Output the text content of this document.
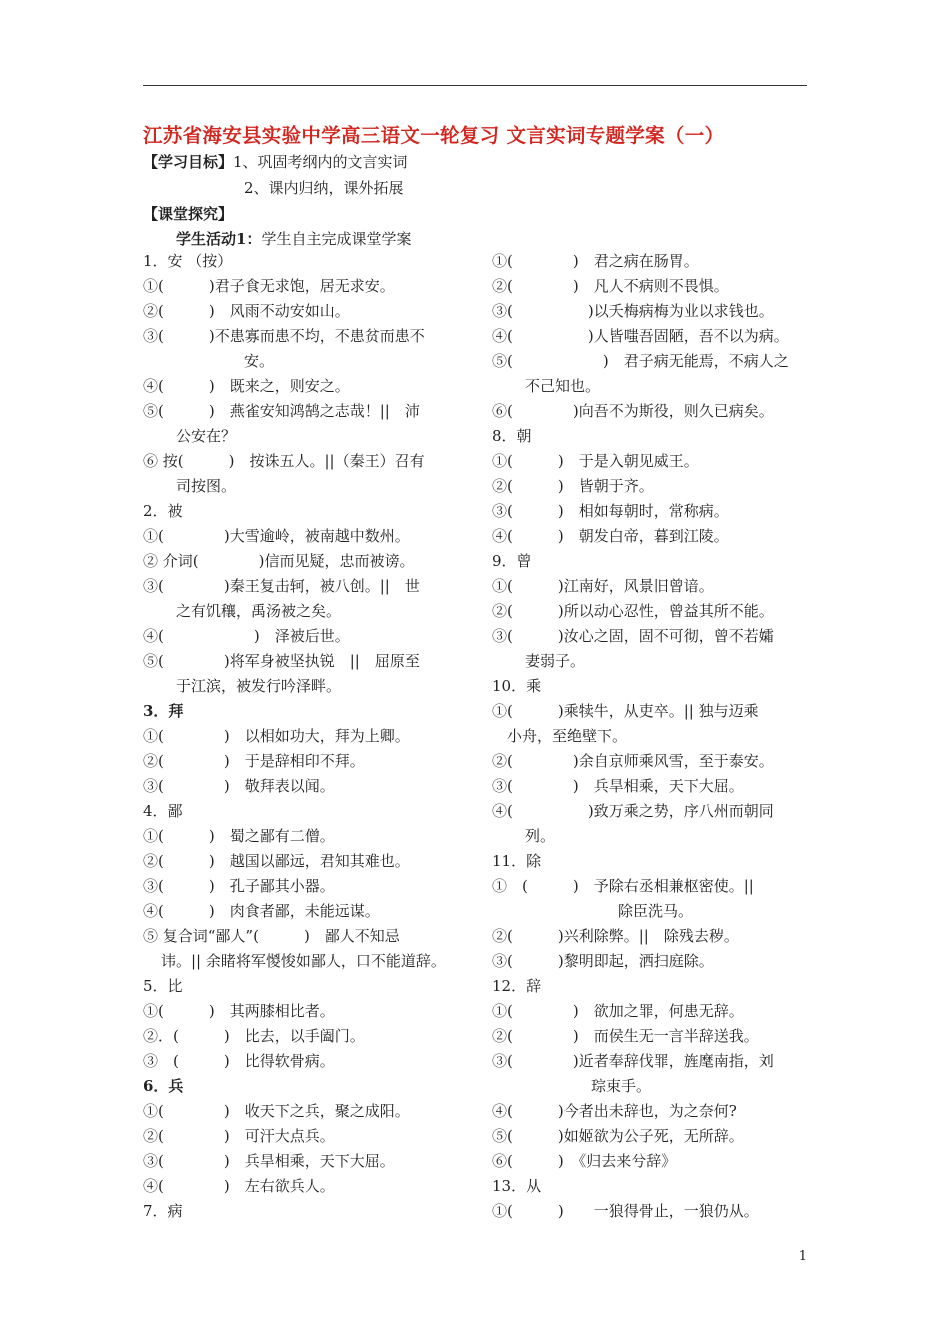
江苏省海安县实验中学高三语文一轮复习 文言实词专题学案（一）
【学习目标】1、巩固考纲内的文言实词
2、课内归纳，课外拓展
【课堂探究】
学生活动1：学生自主完成课堂学案
1．安 （按）
①(　　　)君子食无求饱，居无求安。
②(　　　)　风雨不动安如山。
③(　　　)不患寡而患不均，不患贫而患不
安。
④(　　　)　既来之，则安之。
⑤(　　　)　燕雀安知鸿鹄之志哉！||　沛
公安在？
⑥ 按(　　　)　按诛五人。||（秦王）召有
司按图。
2．被
①(　　　　)大雪逾岭，被南越中数州。
② 介词(　　　　)信而见疑，忠而被谤。
③(　　　　)秦王复击轲，被八创。||　世
之有饥穰，禹汤被之矣。
④(　　　　　　)　泽被后世。
⑤(　　　　)将军身被坚执锐　||　屈原至
于江滨，被发行吟泽畔。
3．拜
①(　　　　)　以相如功大，拜为上卿。
②(　　　　)　于是辞相印不拜。
③(　　　　)　敬拜表以闻。
4．鄙
①(　　　)　蜀之鄙有二僧。
②(　　　)　越国以鄙远，君知其难也。
③(　　　)　孔子鄙其小器。
④(　　　)　肉食者鄙，未能远谋。
⑤ 复合词“鄙人”(　　　)　鄙人不知忌
讳。|| 余睹将军惾悛如鄙人，口不能道辞。
5．比
①(　　　)　其两膝相比者。
②．(　　　)　比去，以手阖门。
③　(　　　)　比得软骨病。
6．兵
①(　　　　)　收天下之兵，聚之成阳。
②(　　　　)　可汗大点兵。
③(　　　　)　兵旱相乘，天下大屈。
④(　　　　)　左右欲兵人。
7．病
①(　　　　)　君之病在肠胃。
②(　　　　)　凡人不病则不畏惧。
③(　　　　　)以夭梅病梅为业以求钱也。
④(　　　　　)人皆嗤吾固陋，吾不以为病。
⑤(　　　　　　)　君子病无能焉，不病人之
不己知也。
⑥(　　　　)向吾不为斯役，则久已病矣。
8．朝
①(　　　)　于是入朝见威王。
②(　　　)　皆朝于齐。
③(　　　)　相如每朝时，常称病。
④(　　　)　朝发白帝，暮到江陵。
9．曾
①(　　　)江南好，风景旧曾谙。
②(　　　)所以动心忍性，曾益其所不能。
③(　　　)汝心之固，固不可彻，曾不若孀
妻弱子。
10．乘
①(　　　)乘犊牛，从吏卒。|| 独与迈乘
小舟，至绝壁下。
②(　　　　)余自京师乘风雪，至于泰安。
③(　　　　)　兵旱相乘，天下大屈。
④(　　　　　)致万乘之势，序八州而朝同
列。
11．除
①　(　　　)　予除右丞相兼枢密使。||
除臣洗马。
②(　　　)兴利除弊。||　除残去秽。
③(　　　)黎明即起，洒扫庭除。
12．辞
①(　　　　)　欲加之罪，何患无辞。
②(　　　　)　而侯生无一言半辞送我。
③(　　　　)近者奉辞伐罪，旌麾南指，刘
琮束手。
④(　　　)今者出未辞也，为之奈何?
⑤(　　　)如姬欲为公子死，无所辞。
⑥(　　　)　《归去来兮辞》
13．从
①(　　　)　　一狼得骨止，一狼仍从。
1
